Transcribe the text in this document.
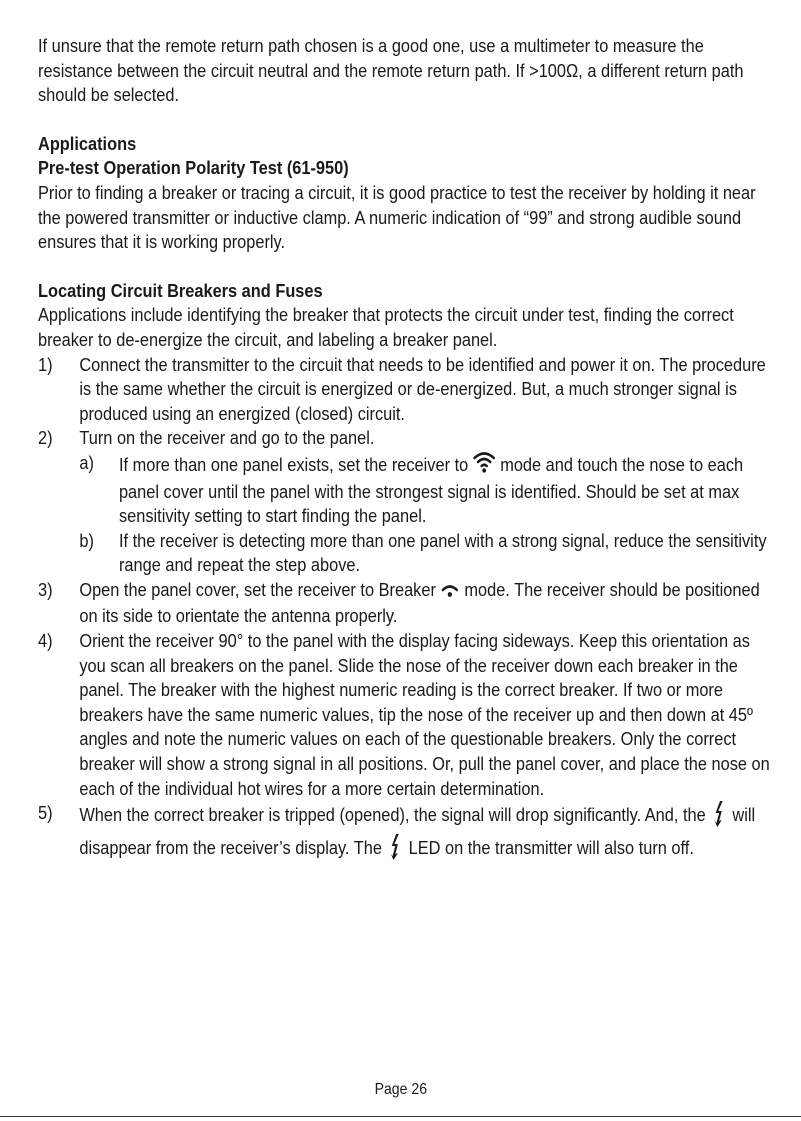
If unsure that the remote return path chosen is a good one, use a multimeter to measure the resistance between the circuit neutral and the remote return path. If >100Ω, a different return path should be selected.

Applications

Pre-test Operation Polarity Test (61-950)

Prior to finding a breaker or tracing a circuit, it is good practice to test the receiver by holding it near the powered transmitter or inductive clamp. A numeric indication of “99” and strong audible sound ensures that it is working properly.

Locating Circuit Breakers and Fuses

Applications include identifying the breaker that protects the circuit under test, finding the correct breaker to de-energize the circuit, and labeling a breaker panel.

1) Connect the transmitter to the circuit that needs to be identified and power it on. The procedure is the same whether the circuit is energized or de-energized. But, a much stronger signal is produced using an energized (closed) circuit.
2) Turn on the receiver and go to the panel.
a) If more than one panel exists, set the receiver to mode and touch the nose to each panel cover until the panel with the strongest signal is identified. Should be set at max sensitivity setting to start finding the panel.
b) If the receiver is detecting more than one panel with a strong signal, reduce the sensitivity range and repeat the step above.
3) Open the panel cover, set the receiver to Breaker mode. The receiver should be positioned on its side to orientate the antenna properly.
4) Orient the receiver 90° to the panel with the display facing sideways. Keep this orientation as you scan all breakers on the panel. Slide the nose of the receiver down each breaker in the panel. The breaker with the highest numeric reading is the correct breaker. If two or more breakers have the same numeric values, tip the nose of the receiver up and then down at 45º angles and note the numeric values on each of the questionable breakers. Only the correct breaker will show a strong signal in all positions. Or, pull the panel cover, and place the nose on each of the individual hot wires for a more certain determination.
5) When the correct breaker is tripped (opened), the signal will drop significantly. And, the will disappear from the receiver’s display. The LED on the transmitter will also turn off.
Page 26
